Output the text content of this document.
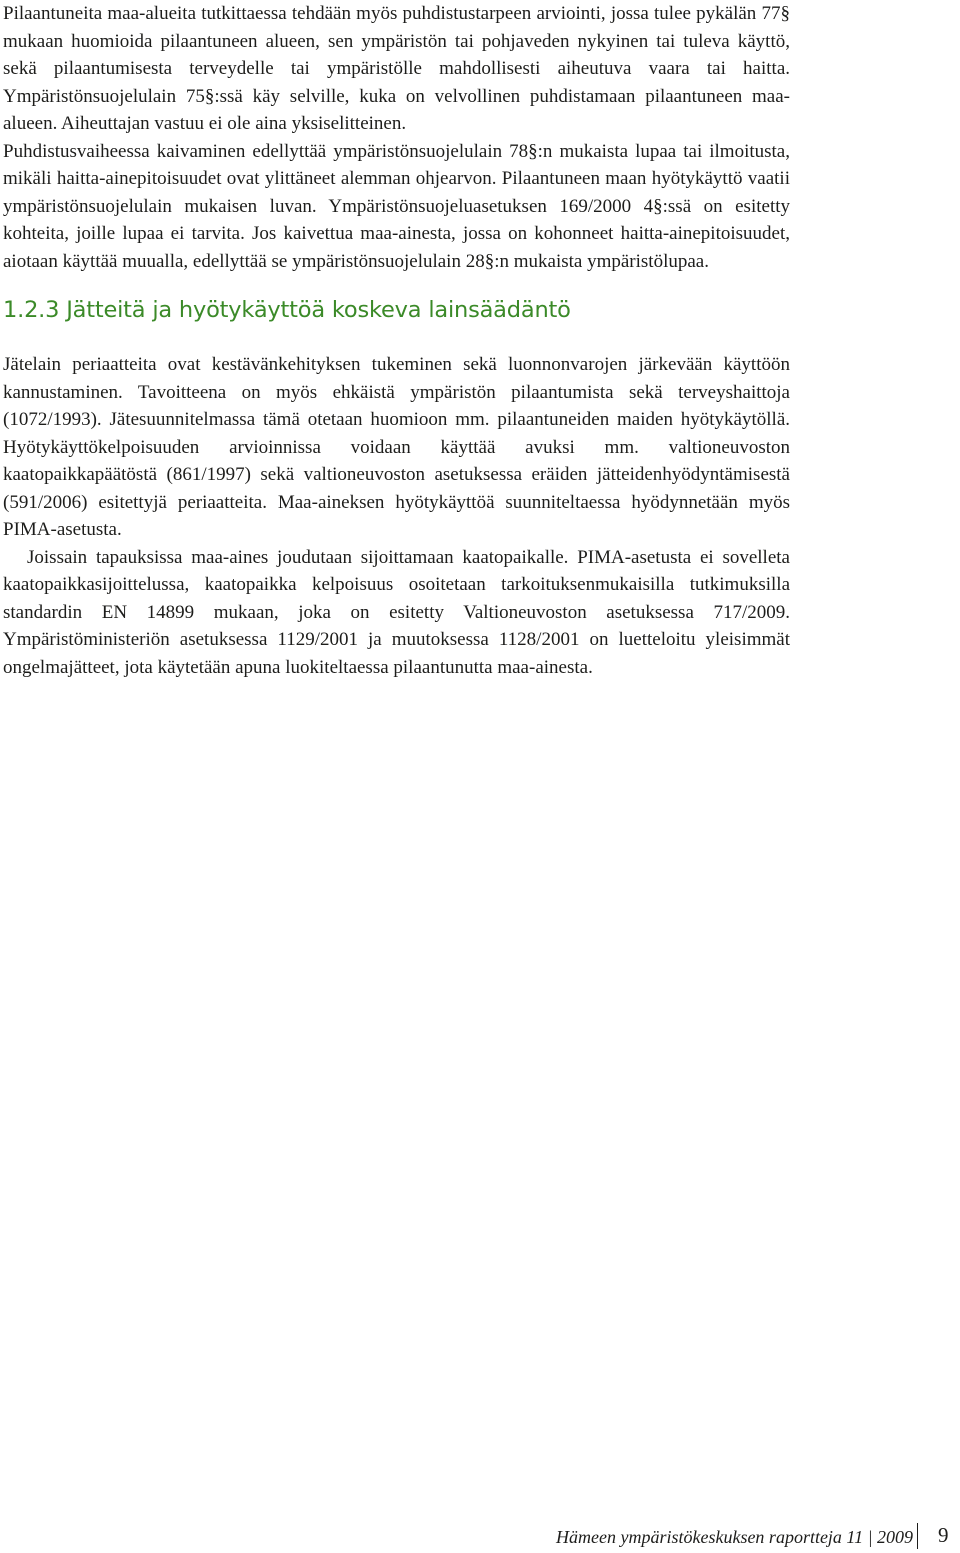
Pilaantuneita maa-alueita tutkittaessa tehdään myös puhdistustarpeen arviointi, jossa tulee pykälän 77§ mukaan huomioida pilaantuneen alueen, sen ympäristön tai pohjaveden nykyinen tai tuleva käyttö, sekä pilaantumisesta terveydelle tai ympäristölle mahdollisesti aiheutuva vaara tai haitta. Ympäristönsuojelulain 75§:ssä käy selville, kuka on velvollinen puhdistamaan pilaantuneen maa-alueen. Aiheuttajan vastuu ei ole aina yksiselitteinen.

Puhdistusvaiheessa kaivaminen edellyttää ympäristönsuojelulain 78§:n mukaista lupaa tai ilmoitusta, mikäli haitta-ainepitoisuudet ovat ylittäneet alemman ohjearvon. Pilaantuneen maan hyötykäyttö vaatii ympäristönsuojelulain mukaisen luvan. Ympäristönsuojeluasetuksen 169/2000 4§:ssä on esitetty kohteita, joille lupaa ei tarvita. Jos kaivettua maa-ainesta, jossa on kohonneet haitta-ainepitoisuudet, aiotaan käyttää muualla, edellyttää se ympäristönsuojelulain 28§:n mukaista ympäristölupaa.

1.2.3 Jätteitä ja hyötykäyttöä koskeva lainsäädäntö

Jätelain periaatteita ovat kestävänkehityksen tukeminen sekä luonnonvarojen järkevään käyttöön kannustaminen. Tavoitteena on myös ehkäistä ympäristön pilaantumista sekä terveyshaittoja (1072/1993). Jätesuunnitelmassa tämä otetaan huomioon mm. pilaantuneiden maiden hyötykäytöllä. Hyötykäyttökelpoisuuden arvioinnissa voidaan käyttää avuksi mm. valtioneuvoston kaatopaikkapäätöstä (861/1997) sekä valtioneuvoston asetuksessa eräiden jätteidenhyödyntämisestä (591/2006) esitettyjä periaatteita. Maa-aineksen hyötykäyttöä suunniteltaessa hyödynnetään myös PIMA-asetusta.

Joissain tapauksissa maa-aines joudutaan sijoittamaan kaatopaikalle. PIMA-asetusta ei sovelleta kaatopaikkasijoittelussa, kaatopaikka kelpoisuus osoitetaan tarkoituksenmukaisilla tutkimuksilla standardin EN 14899 mukaan, joka on esitetty Valtioneuvoston asetuksessa 717/2009. Ympäristöministeriön asetuksessa 1129/2001 ja muutoksessa 1128/2001 on luetteloitu yleisimmät ongelmajätteet, jota käytetään apuna luokiteltaessa pilaantunutta maa-ainesta.

Hämeen ympäristökeskuksen raportteja 11 | 2009 9
